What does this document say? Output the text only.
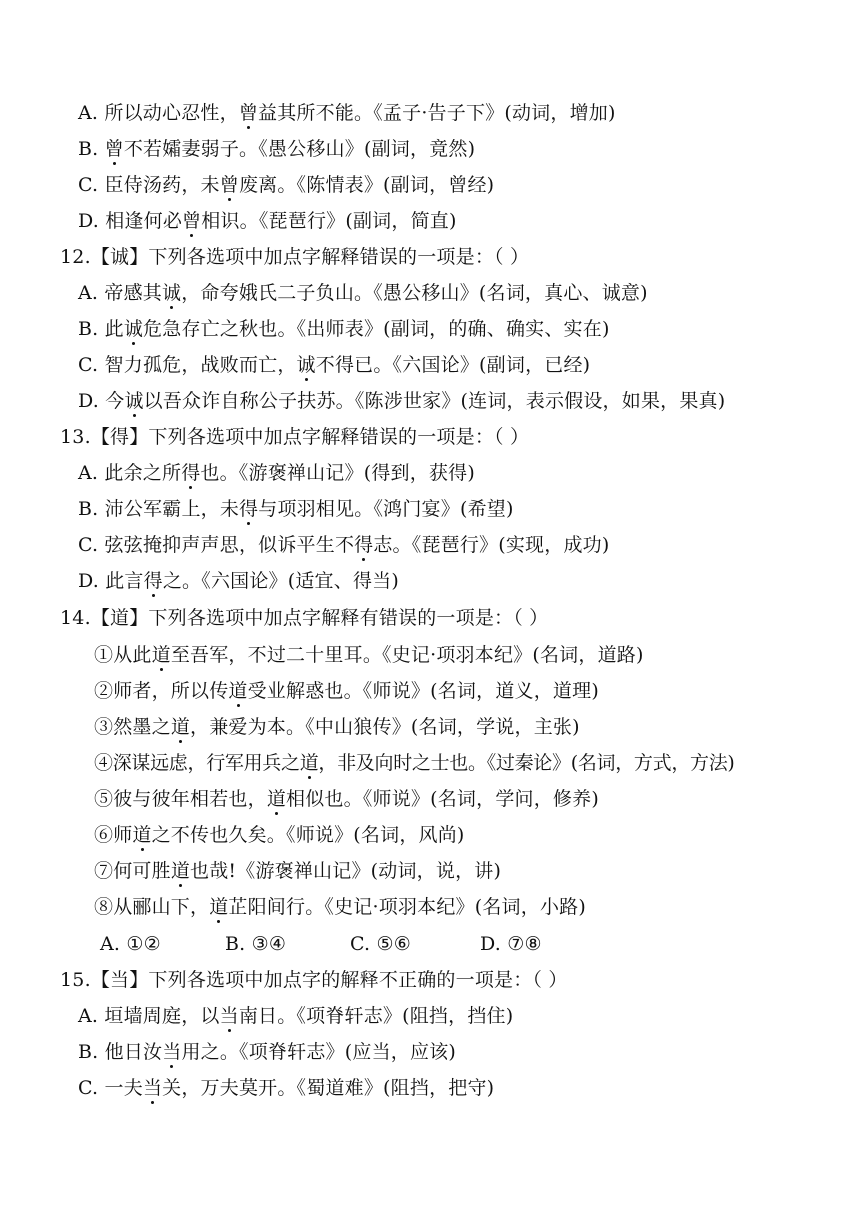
A. 所以动心忍性，曾益其所不能。《孟子·告子下》(动词，增加)
B. 曾不若孀妻弱子。《愚公移山》(副词，竟然)
C. 臣侍汤药，未曾废离。《陈情表》(副词，曾经)
D. 相逢何必曾相识。《琵琶行》(副词，简直)
12.【诚】下列各选项中加点字解释错误的一项是：（ ）
A. 帝感其诚，命夸娥氏二子负山。《愚公移山》(名词，真心、诚意)
B. 此诚危急存亡之秋也。《出师表》(副词，的确、确实、实在)
C. 智力孤危，战败而亡，诚不得已。《六国论》(副词，已经)
D. 今诚以吾众诈自称公子扶苏。《陈涉世家》(连词，表示假设，如果，果真)
13.【得】下列各选项中加点字解释错误的一项是：（ ）
A. 此余之所得也。《游褒禅山记》(得到，获得)
B. 沛公军霸上，未得与项羽相见。《鸿门宴》(希望)
C. 弦弦掩抑声声思，似诉平生不得志。《琵琶行》(实现，成功)
D. 此言得之。《六国论》(适宜、得当)
14.【道】下列各选项中加点字解释有错误的一项是：（ ）
①从此道至吾军，不过二十里耳。《史记·项羽本纪》(名词，道路)
②师者，所以传道受业解惑也。《师说》(名词，道义，道理)
③然墨之道，兼爱为本。《中山狼传》(名词，学说，主张)
④深谋远虑，行军用兵之道，非及向时之士也。《过秦论》(名词，方式，方法)
⑤彼与彼年相若也，道相似也。《师说》(名词，学问，修养)
⑥师道之不传也久矣。《师说》(名词，风尚)
⑦何可胜道也哉!《游褒禅山记》(动词，说，讲)
⑧从郦山下，道芷阳间行。《史记·项羽本纪》(名词，小路)
A. ①②	B. ③④	C. ⑤⑥	D. ⑦⑧
15.【当】下列各选项中加点字的解释不正确的一项是：（ ）
A. 垣墙周庭，以当南日。《项脊轩志》(阻挡，挡住)
B. 他日汝当用之。《项脊轩志》(应当，应该)
C. 一夫当关，万夫莫开。《蜀道难》(阻挡，把守)
